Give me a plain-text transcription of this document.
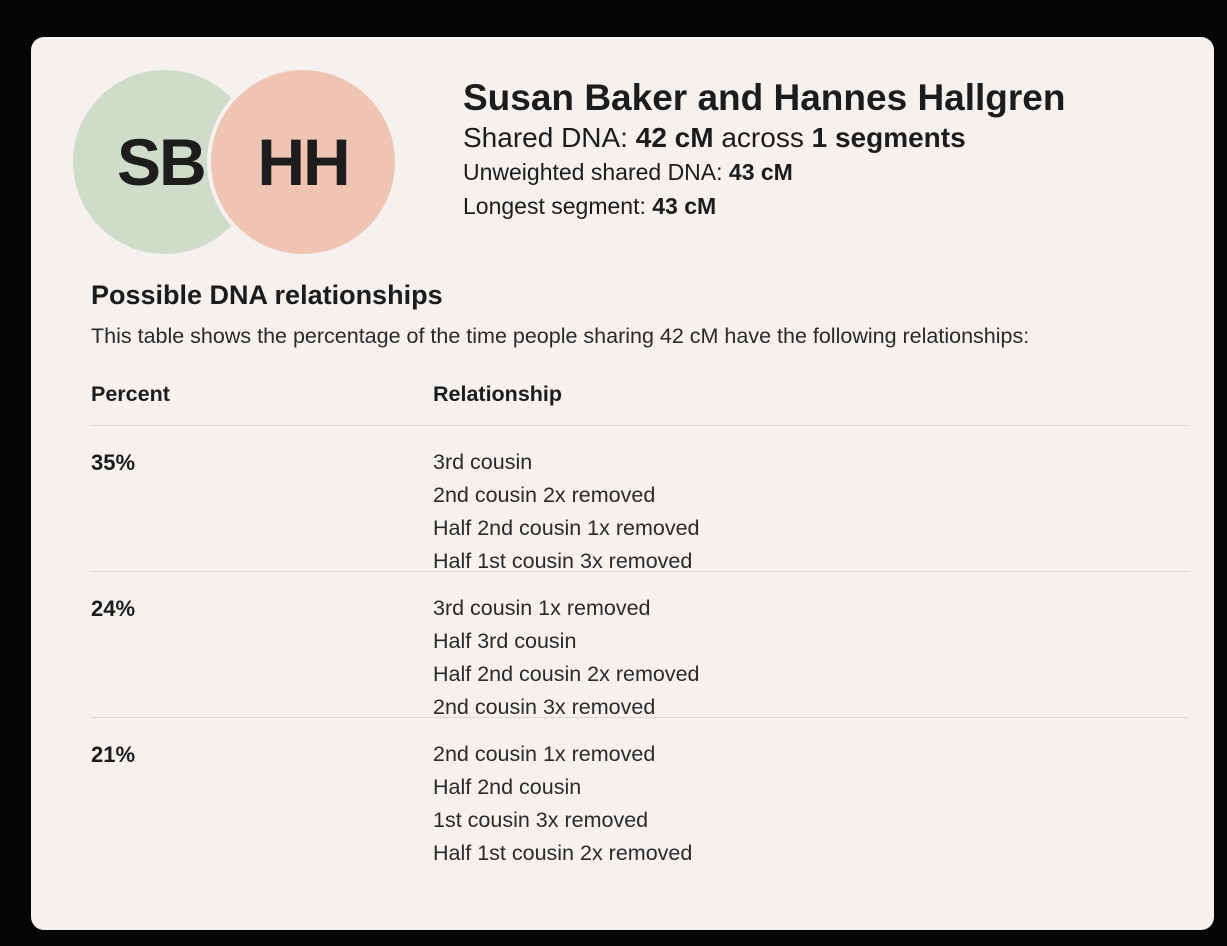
SB HH
Susan Baker and Hannes Hallgren
Shared DNA: 42 cM across 1 segments
Unweighted shared DNA: 43 cM
Longest segment: 43 cM
Possible DNA relationships
This table shows the percentage of the time people sharing 42 cM have the following relationships:
Percent	Relationship
35%	3rd cousin
2nd cousin 2x removed
Half 2nd cousin 1x removed
Half 1st cousin 3x removed
24%	3rd cousin 1x removed
Half 3rd cousin
Half 2nd cousin 2x removed
2nd cousin 3x removed
21%	2nd cousin 1x removed
Half 2nd cousin
1st cousin 3x removed
Half 1st cousin 2x removed
